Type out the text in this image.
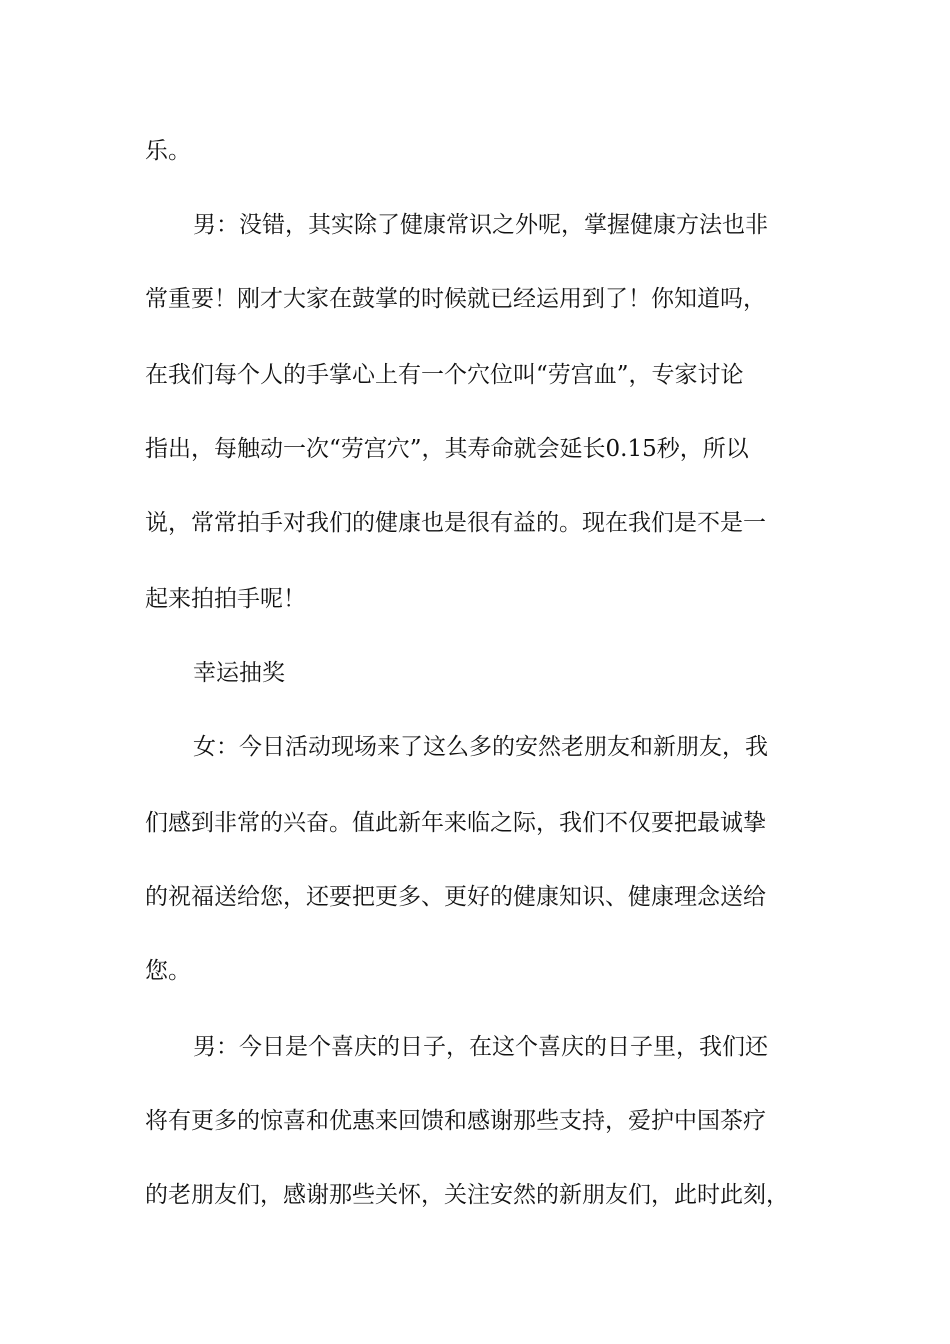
乐。
男：没错，其实除了健康常识之外呢，掌握健康方法也非
常重要！刚才大家在鼓掌的时候就已经运用到了！你知道吗，
在我们每个人的手掌心上有一个穴位叫“劳宫血”，专家讨论
指出，每触动一次“劳宫穴”，其寿命就会延长0.15秒，所以
说，常常拍手对我们的健康也是很有益的。现在我们是不是一
起来拍拍手呢！
幸运抽奖
女：今日活动现场来了这么多的安然老朋友和新朋友，我
们感到非常的兴奋。值此新年来临之际，我们不仅要把最诚挚
的祝福送给您，还要把更多、更好的健康知识、健康理念送给
您。
男：今日是个喜庆的日子，在这个喜庆的日子里，我们还
将有更多的惊喜和优惠来回馈和感谢那些支持，爱护中国茶疗
的老朋友们，感谢那些关怀，关注安然的新朋友们，此时此刻，
